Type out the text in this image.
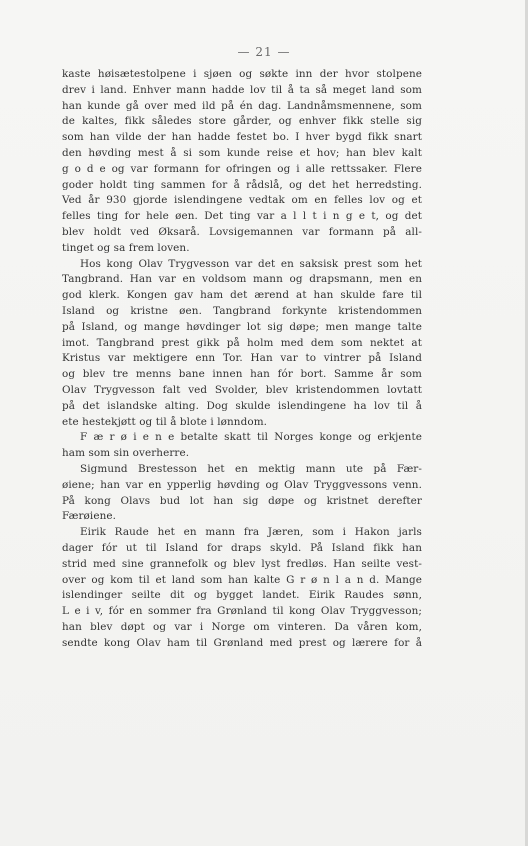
— 21 —
kaste høisætestolpene i sjøen og søkte inn der hvor stolpene
drev i land. Enhver mann hadde lov til å ta så meget land som
han kunde gå over med ild på én dag. Landnåmsmennene, som
de kaltes, fikk således store gårder, og enhver fikk stelle sig
som han vilde der han hadde festet bo. I hver bygd fikk snart
den høvding mest å si som kunde reise et hov; han blev kalt
g o d e og var formann for ofringen og i alle rettssaker. Flere
goder holdt ting sammen for å rådslå, og det het herredsting.
Ved år 930 gjorde islendingene vedtak om en felles lov og et
felles ting for hele øen. Det ting var a l l t i n g e t, og det
blev holdt ved Øksarå. Lovsigemannen var formann på all-
tinget og sa frem loven.
Hos kong Olav Trygvesson var det en saksisk prest som het
Tangbrand. Han var en voldsom mann og drapsmann, men en
god klerk. Kongen gav ham det ærend at han skulde fare til
Island og kristne øen. Tangbrand forkynte kristendommen
på Island, og mange høvdinger lot sig døpe; men mange talte
imot. Tangbrand prest gikk på holm med dem som nektet at
Kristus var mektigere enn Tor. Han var to vintrer på Island
og blev tre menns bane innen han fór bort. Samme år som
Olav Trygvesson falt ved Svolder, blev kristendommen lovtatt
på det islandske alting. Dog skulde islendingene ha lov til å
ete hestekjøtt og til å blote i lønndom.
F æ r ø i e n e betalte skatt til Norges konge og erkjente
ham som sin overherre.
Sigmund Brestesson het en mektig mann ute på Fær-
øiene; han var en ypperlig høvding og Olav Tryggvessons venn.
På kong Olavs bud lot han sig døpe og kristnet derefter
Færøiene.
Eirik Raude het en mann fra Jæren, som i Hakon jarls
dager fór ut til Island for draps skyld. På Island fikk han
strid med sine grannefolk og blev lyst fredløs. Han seilte vest-
over og kom til et land som han kalte G r ø n l a n d. Mange
islendinger seilte dit og bygget landet. Eirik Raudes sønn,
L e i v, fór en sommer fra Grønland til kong Olav Tryggvesson;
han blev døpt og var i Norge om vinteren. Da våren kom,
sendte kong Olav ham til Grønland med prest og lærere for å
